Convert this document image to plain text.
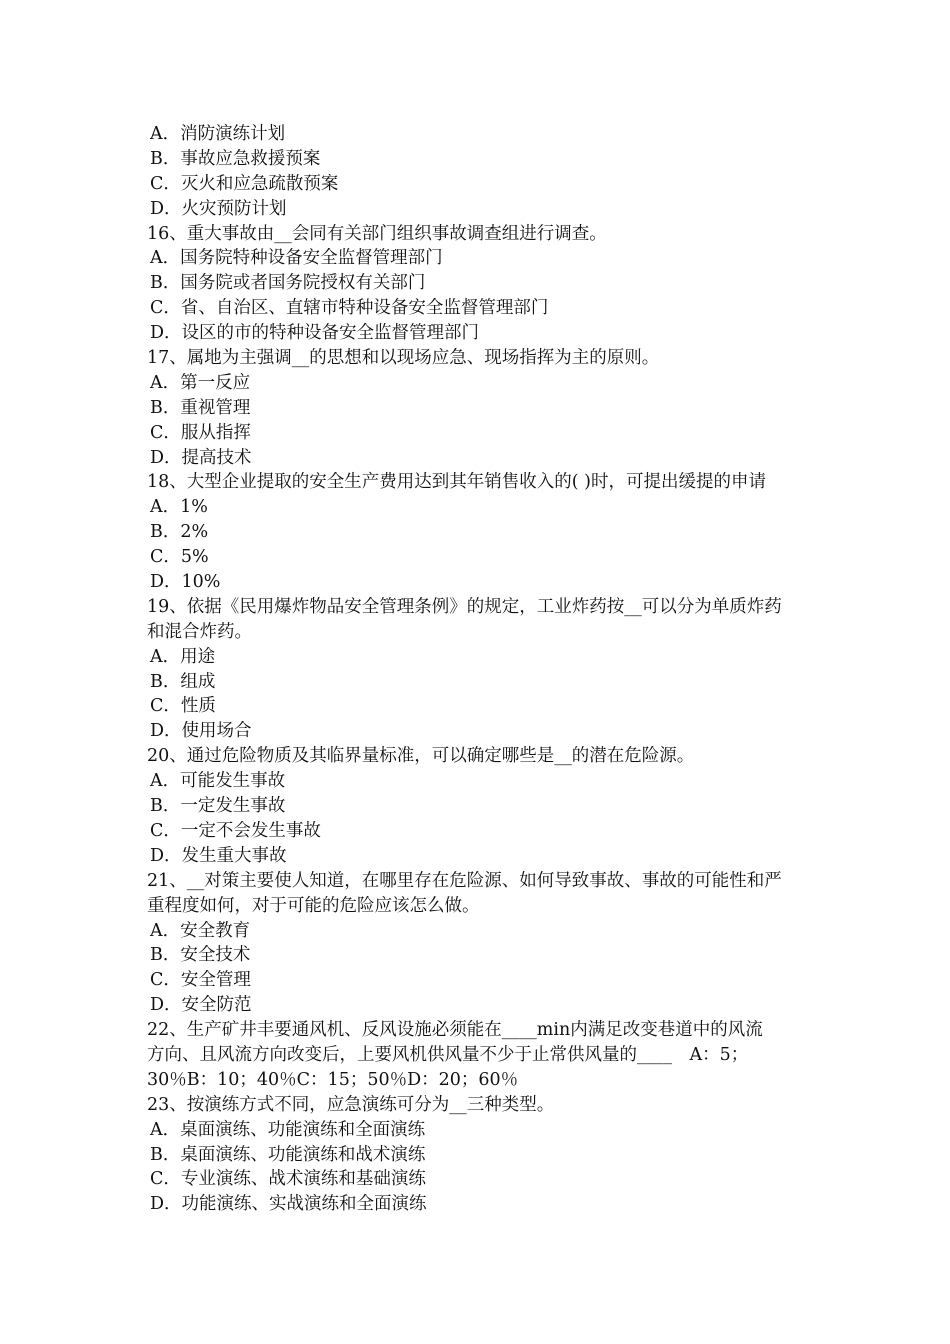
A．消防演练计划
B．事故应急救援预案
C．灭火和应急疏散预案
D．火灾预防计划
16、重大事故由__会同有关部门组织事故调查组进行调查。
A．国务院特种设备安全监督管理部门
B．国务院或者国务院授权有关部门
C．省、自治区、直辖市特种设备安全监督管理部门
D．设区的市的特种设备安全监督管理部门
17、属地为主强调__的思想和以现场应急、现场指挥为主的原则。
A．第一反应
B．重视管理
C．服从指挥
D．提高技术
18、大型企业提取的安全生产费用达到其年销售收入的( )时，可提出缓提的申请
A．1%
B．2%
C．5%
D．10%
19、依据《民用爆炸物品安全管理条例》的规定，工业炸药按__可以分为单质炸药
和混合炸药。
A．用途
B．组成
C．性质
D．使用场合
20、通过危险物质及其临界量标准，可以确定哪些是__的潜在危险源。
A．可能发生事故
B．一定发生事故
C．一定不会发生事故
D．发生重大事故
21、__对策主要使人知道，在哪里存在危险源、如何导致事故、事故的可能性和严
重程度如何，对于可能的危险应该怎么做。
A．安全教育
B．安全技术
C．安全管理
D．安全防范
22、生产矿井丰要通风机、反风设施必须能在____min内满足改变巷道中的风流
方向、且风流方向改变后，上要风机供风量不少于止常供风量的____　A：5；
30％B：10；40％C：15；50％D：20；60％
23、按演练方式不同，应急演练可分为__三种类型。
A．桌面演练、功能演练和全面演练
B．桌面演练、功能演练和战术演练
C．专业演练、战术演练和基础演练
D．功能演练、实战演练和全面演练
